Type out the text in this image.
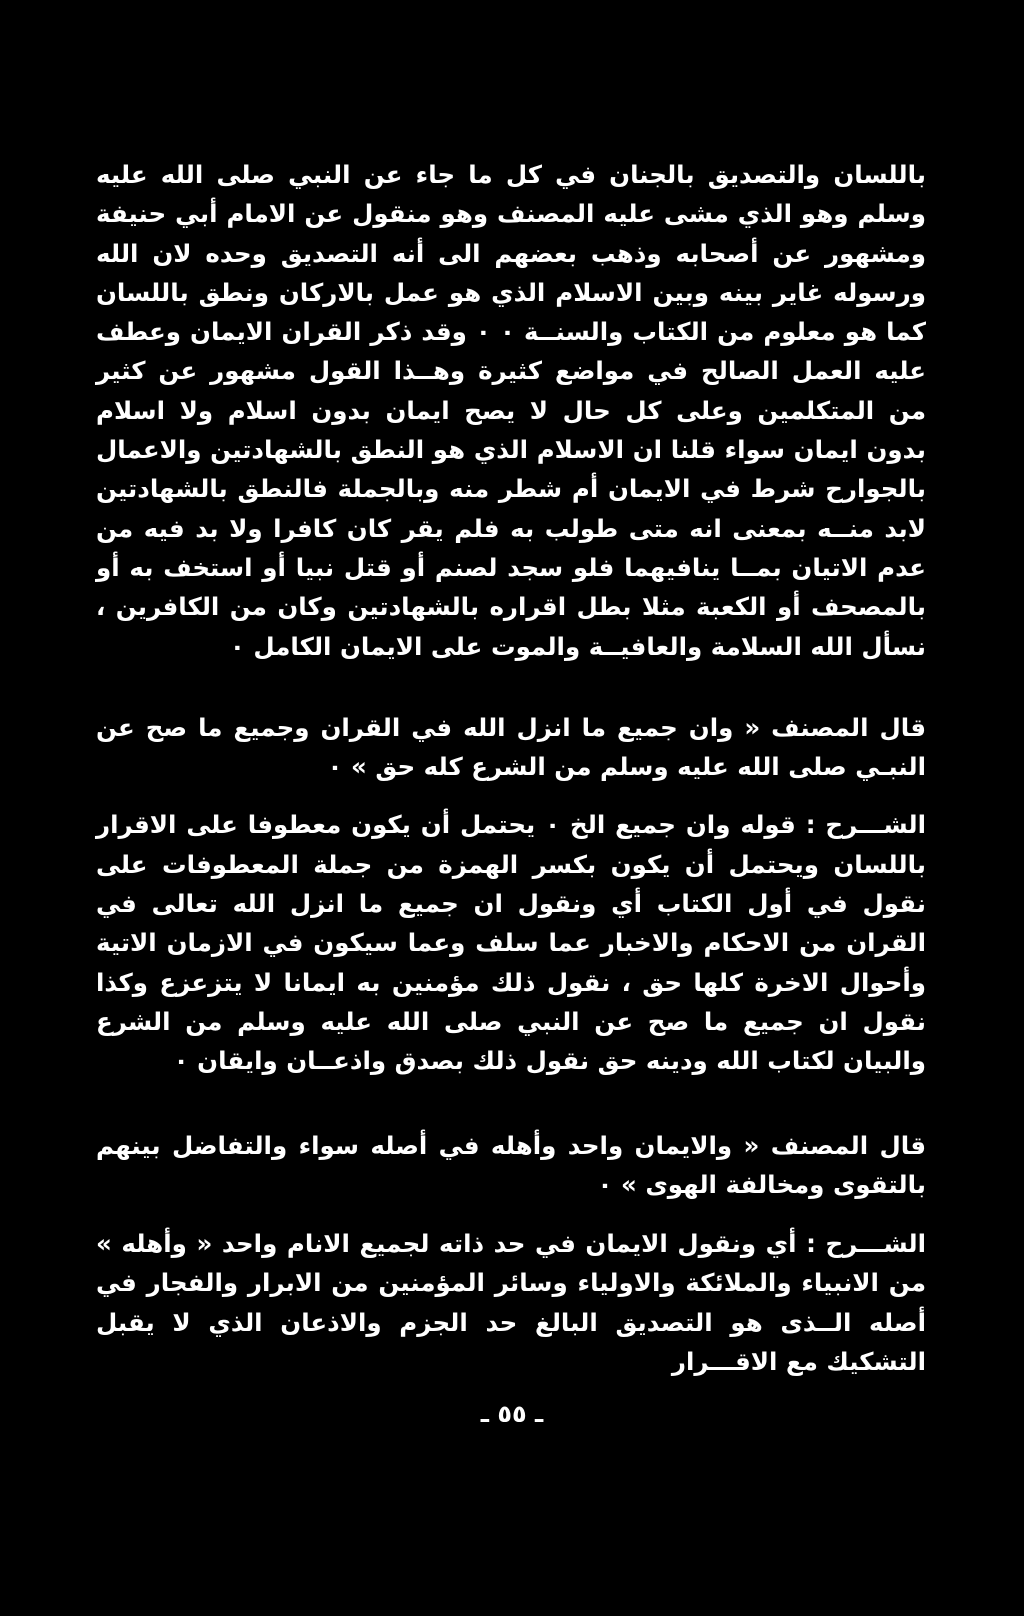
باللسان والتصديق بالجنان في كل ما جاء عن النبي صلى الله عليه وسلم وهو الذي مشى عليه المصنف وهو منقول عن الامام أبي حنيفة ومشهور عن أصحابه وذهب بعضهم الى أنه التصديق وحده لان الله ورسوله غاير بينه وبين الاسلام الذي هو عمل بالاركان ونطق باللسان كما هو معلوم من الكتاب والسنــة ٠ ٠ وقد ذكر القران الايمان وعطف عليه العمل الصالح في مواضع كثيرة وهــذا القول مشهور عن كثير من المتكلمين وعلى كل حال لا يصح ايمان بدون اسلام ولا اسلام بدون ايمان سواء قلنا ان الاسلام الذي هو النطق بالشهادتين والاعمال بالجوارح شرط في الايمان أم شطر منه وبالجملة فالنطق بالشهادتين لابد منــه بمعنى انه متى طولب به فلم يقر كان كافرا ولا بد فيه من عدم الاتيان بمــا ينافيهما فلو سجد لصنم أو قتل نبيا أو استخف به أو بالمصحف أو الكعبة مثلا بطل اقراره بالشهادتين وكان من الكافرين ، نسأل الله السلامة والعافيــة والموت على الايمان الكامل ٠

قال المصنف « وان جميع ما انزل الله في القران وجميع ما صح عن النبـي صلى الله عليه وسلم من الشرع كله حق » ٠

الشـــرح : قوله وان جميع الخ ٠ يحتمل أن يكون معطوفا على الاقرار باللسان ويحتمل أن يكون بكسر الهمزة من جملة المعطوفات على نقول في أول الكتاب أي ونقول ان جميع ما انزل الله تعالى في القران من الاحكام والاخبار عما سلف وعما سيكون في الازمان الاتية وأحوال الاخرة كلها حق ، نقول ذلك مؤمنين به ايمانا لا يتزعزع وكذا نقول ان جميع ما صح عن النبي صلى الله عليه وسلم من الشرع والبيان لكتاب الله ودينه حق نقول ذلك بصدق واذعــان وايقان ٠

قال المصنف « والايمان واحد وأهله في أصله سواء والتفاضل بينهم بالتقوى ومخالفة الهوى » ٠

الشـــرح : أي ونقول الايمان في حد ذاته لجميع الانام واحد « وأهله » من الانبياء والملائكة والاولياء وسائر المؤمنين من الابرار والفجار في أصله الــذى هو التصديق البالغ حد الجزم والاذعان الذي لا يقبل التشكيك مع الاقـــرار

ـ ٥٥ ـ
